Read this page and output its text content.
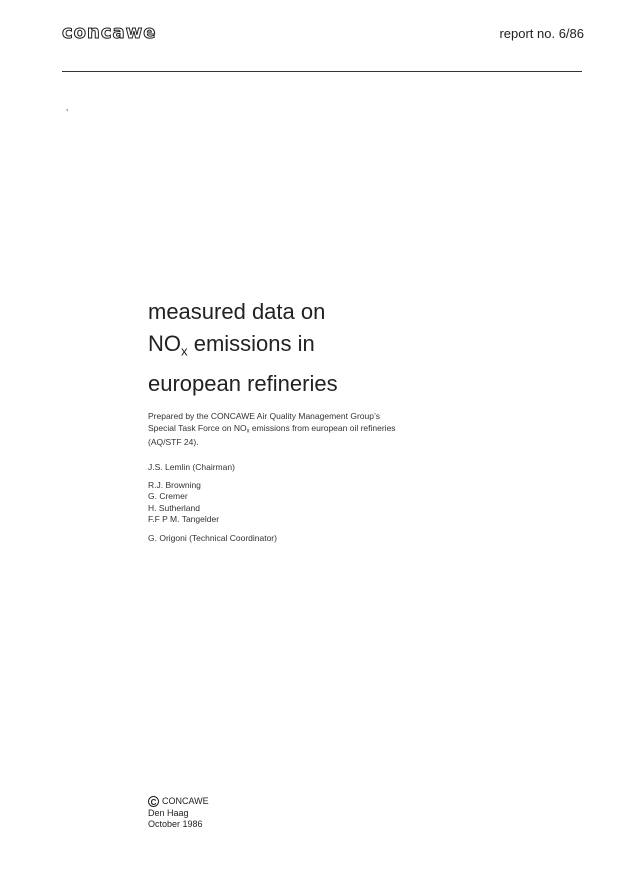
concawe	report no. 6/86
’
measured data on
$NO_x$ emissions in
european refineries
Prepared by the CONCAWE Air Quality Management Group’s
Special Task Force on $NO_x$ emissions from european oil refineries
(AQ/STF 24).
J.S. Lemlin (Chairman)
R.J. Browning
G. Cremer
H. Sutherland
F.F P M. Tangelder
G. Origoni (Technical Coordinator)
C CONCAWE
Den Haag
October 1986
